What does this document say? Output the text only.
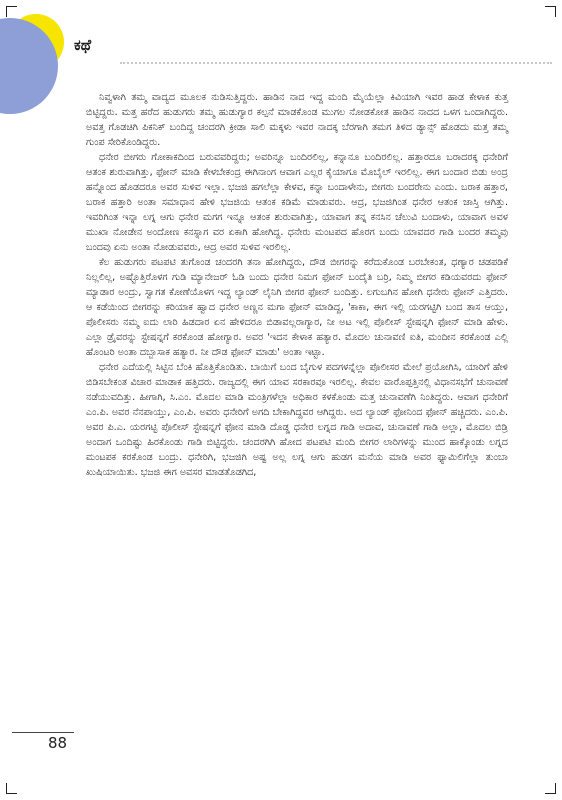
ಕಥೆ

ನಿವ್ವಳಾಗಿ ತಮ್ಮ ವಾದ್ಯದ ಮೂಲಕ ನುಡಿಸುತ್ತಿದ್ದರು. ಹಾಡಿನ ನಾದ ಇದ್ದ ಮಂದಿ ಮೈಯೆಲ್ಲಾ ಕಿವಿಯಾಗಿ ಇವರ ಹಾಡ ಕೇಳಾಕ ಕುತ್ತ ಬಿಟ್ಟಿದ್ದರು. ಮತ್ತ ಹರೆದ ಹುಡುಗರು ತಮ್ಮ ಹುಡುಗ್ಯಾರ ಕಲ್ಪನೆ ಮಾಡಕೊಂಡ ಮುಗಲ ನೋಡಕೋತ ಹಾಡಿನ ನಾದದ ಒಳಗ ಒಂದಾಗಿದ್ದರು. ಅವತ್ತ ಗೊಡಚಿಗಿ ಪಿಕನಿಕ್ ಬಂದಿದ್ದ ಚಂದರಗಿ ಕ್ರೀಡಾ ಸಾಲಿ ಮಕ್ಕಳು ಇವರ ನಾದಕ್ಕ ಬೆರಗಾಗಿ ತಮಗ ತಿಳಿದ ಡ್ಯಾನ್ಸ್ ಹೊಡದು ಮತ್ತ ತಮ್ಮ ಗುಂಪ ಸೇರಿಕೊಂಡಿದ್ದರು.

ಧನೇರ ಬೀಗರು ಗೋಕಾಕದಿಂದ ಬರುವವರಿದ್ದರು; ಅವರಿನ್ನೂ ಬಂದಿರಲಿಲ್ಲ, ಕನ್ನಾನೂ ಬಂದಿರಲಿಲ್ಲ. ಹತ್ತಾರದೂ ಬರಾದರಕ್ಕ ಧನೇರಿಗೆ ಆತಂಕ ಶುರುವಾಗಿತ್ತು, ಫೋನ್ ಮಾಡಿ ಕೇಳಬೇಕಂದ್ರ ಈಗಿನಾಂಗ ಆವಾಗ ಎಲ್ಲರ ಕೈಯಾಗೂ ಮೊಬೈಲ್ ಇರಲಿಲ್ಲ. ಈಗ ಬಂದಾರ ಬಿಡು ಅಂದ್ರ ಹನ್ನೊಂದ ಹೊಡದರೂ ಅವರ ಸುಳಿವ ಇಲ್ಲಾ. ಭಜಜಿ ಹಗಲೆಲ್ಲಾ ಕೇಳವ, ಕನ್ನಾ ಬಂದಾಳೇನು, ಬೀಗರು ಬಂದರೇನು ಎಂದು. ಬರಾಕ ಹತ್ತಾರ, ಬರಾಕ ಹತ್ತಾರಿ ಅಂತಾ ಸಮಾಧಾನ ಹೇಳಿ ಭಜಜಿಯ ಆತಂಕ ಕಡಿಮೆ ಮಾಡುವರು. ಆದ್ರ, ಭಜಜಿಗಿಂತ ಧನೇರ ಆತಂಕ ಜಾಸ್ತಿ ಆಗಿತ್ತು. ಇವರಿಗಿಂತ ಇನ್ನಾ ಲಗ್ನ ಆಗು ಧನೇರ ಮಗಗ ಇನ್ನೂ ಆತಂಕ ಶುರುವಾಗಿತ್ತು, ಯಾವಾಗ ತನ್ನ ಕನಸಿನ ಚೆಲುವಿ ಬಂದಾಳು, ಯಾವಾಗ ಅವಳ ಮುಖಾ ನೋಡೇನ ಅಂದೋಣ ಕನಸ್ನಾಗ ವರ ಏಕಾಗಿ ಹೋಗಿದ್ದ. ಧನೇರು ಮಂಟಪದ ಹೊರಗ ಬಂದು ಯಾವದರ ಗಾಡಿ ಬಂದರ ತಮ್ಮವು ಬಂದವು ಏನು ಅಂತಾ ನೋಡುವವರು, ಆದ್ರ ಅವರ ಸುಳಿವ ಇರಲಿಲ್ಲ.

ಕೆಲ ಹುಡುಗರು ಪಟಪಟಿ ತುಗೊಂಡ ಚಂದರಗಿ ತನಾ ಹೋಗಿದ್ದರು, ದೌಡ ಬೀಗರನ್ನು ಕರೆದುಕೊಂಡ ಬರಬೇಕಂತ, ಧಣ್ಯಾರ ಚಡಪಡಿಕೆ ನಿಲ್ಲಲಿಲ್ಲ, ಅಷ್ಟೊತ್ತಿರೊಳಗ ಗುಡಿ ಮ್ಯಾನೇಜರ್ ಓಡಿ ಬಂದು ಧನೇರ ನಿಮಗ ಫೋನ್ ಬಂದೈತಿ ಬರ್ರಿ, ನಿಮ್ಮ ಬೀಗರ ಕಡಿಯವರದು ಫೋನ್ ಮ್ಯಾಡಾರ ಅಂದ್ರು, ಸ್ವಾಗತ ಕೋಣೆಯೊಳಗ ಇದ್ದ ಲ್ಯಾಂಡ್ ಲೈನಿಗಿ ಬೀಗರ ಫೋನ್ ಬಂದಿತ್ತು. ಲಗುಬಗಿನ ಹೋಗಿ ಧನೇರು ಫೋನ್ ಎತ್ತಿದರು. ಆ ಕಡೆಯಿಂದ ಬೀಗರನ್ನು ಕರಿಯಾಕ ಹ್ವಾದ ಧನೇರ ಅಣ್ಣನ ಮಗಾ ಫೋನ್ ಮಾಡಿದ್ದ, 'ಕಾಕಾ, ಈಗ ಇಲ್ಲಿ ಯರಗಟ್ಟಿಗಿ ಬಂದ ತಾಸ ಆಯ್ತು, ಪೊಲೀಸರು ನಮ್ಮ ಐದು ಲಾರಿ ಹಿಡದಾರ ಏನ ಹೇಳಿದರೂ ಬಿಡಾವಲ್ಲರಾಗ್ಯಾರ, ನೀ ಅಟ ಇಲ್ಲಿ ಪೊಲೀಸ್ ಸ್ಟೇಷನ್ನಗಿ ಫೋನ್ ಮಾಡಿ ಹೇಳು. ಎಲ್ಲಾ ಡ್ರೈವರನ್ನು ಸ್ಟೇಷನ್ನಗೆ ಕರಕೊಂಡ ಹೋಗ್ಯಾರ. ಅವರ 'ಇದನ ಕೇಳಾಕ ಹತ್ಯಾರ. ಮೊದಲ ಚುನಾವಣಿ ಐತಿ, ಮಂದೀನ ಕರಕೊಂಡ ಎಲ್ಲಿ ಹೊಂಟರಿ ಅಂತಾ ದಬ್ಬಾಸಾಕ ಹತ್ಯಾರ. ನೀ ದೌಡ ಫೋನ್ ಮಾಡು' ಅಂತಾ ಇಟ್ಟಾ.

ಧನೇರ ಎದೆಯಲ್ಲಿ ಸಿಟ್ಟಿನ ಬೆಂಕಿ ಹೊತ್ತಿಕೊಂಡಿತು. ಬಾಯಿಗೆ ಬಂದ ಬೈಗುಳ ಪದಗಳನ್ನೆಲ್ಲಾ ಪೊಲೀಸರ ಮೇಲೆ ಪ್ರಯೋಗಿಸಿ, ಯಾರಿಗೆ ಹೇಳಿ ಬಿಡಿಸಬೇಕಂತ ವಿಚಾರ ಮಾಡಾಕ ಹತ್ತಿದರು. ರಾಜ್ಯದಲ್ಲಿ ಈಗ ಯಾವ ಸರಕಾರವೂ ಇರಲಿಲ್ಲ. ಕೇವಲ ವಾರೊಪ್ಪತ್ತಿನಲ್ಲಿ ವಿಧಾನಸಭೆಗೆ ಚುನಾವಣೆ ನಡೆಯುವದಿತ್ತು. ಹೀಗಾಗಿ, ಸಿ.ಎಂ. ಮೊದಲ ಮಾಡಿ ಮಂತ್ರಿಗಳೆಲ್ಲಾ ಅಧಿಕಾರ ಕಳಕೊಂಡು ಮತ್ತ ಚುನಾವಣೆಗಿ ನಿಂತಿದ್ದರು. ಆವಾಗ ಧನೇರಿಗೆ ಎಂ.ಪಿ. ಅವರ ನೆನಪಾಯ್ತು, ಎಂ.ಪಿ. ಅವರು ಧನೇರಿಗೆ ಅಗದಿ ಬೇಕಾಗಿದ್ದವರ ಆಗಿದ್ದರು. ಅದ ಲ್ಯಾಂಡ್ ಫೋನಿಂದ ಫೋನ್ ಹಚ್ಚಿದರು. ಎಂ.ಪಿ. ಅವರ ಪಿ.ಎ. ಯರಗಟ್ಟಿ ಪೊಲೀಸ್ ಸ್ಟೇಷನ್ನಗೆ ಫೋನ ಮಾಡಿ ದೊಡ್ಡ ಧನೇರ ಲಗ್ನದ ಗಾಡಿ ಅದಾವ, ಚುನಾವಣೆ ಗಾಡಿ ಅಲ್ಲಾ, ಮೊದಲ ಬಿಡ್ರಿ ಅಂದಾಗ ಒಂದಿಷ್ಟು ಹಿರಕೊಂಡು ಗಾಡಿ ಬಿಟ್ಟಿದ್ದರು. ಚಂದರಗಿಗಿ ಹೋದ ಪಟಪಟಿ ಮಂದಿ ಬೀಗರ ಲಾರಿಗಳನ್ನು ಮುಂದ ಹಾಕ್ಕೊಂಡು ಲಗ್ನದ ಮಂಟಪಕ ಕರಕೊಂಡ ಬಂದ್ರು. ಧನೇರಿಗಿ, ಭಜಜಿಗಿ ಅಷ್ಟ ಅಲ್ಲ ಲಗ್ನ ಆಗು ಹುಡಗ ಮನೆಯ ಮಾಡಿ ಅವರ ಫ್ಯಾಮಿಲಿಗೆಲ್ಲಾ ತುಂಬಾ ಖುಷಿಯಾಯಿತು. ಭಜಜಿ ಈಗ ಅವಸರ ಮಾಡತೊಡಗಿದ,

88
